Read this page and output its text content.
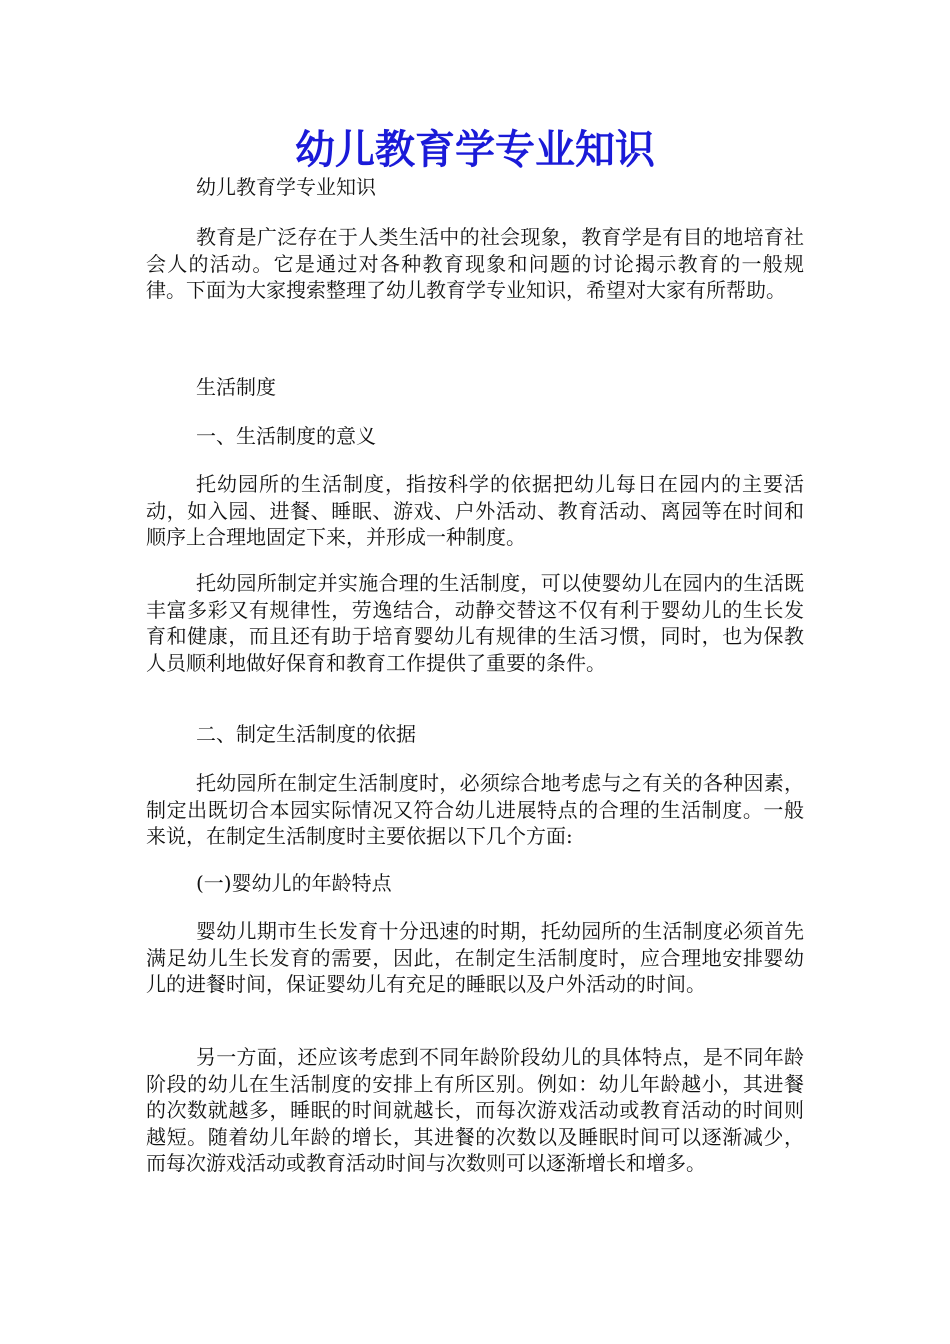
幼儿教育学专业知识

幼儿教育学专业知识

教育是广泛存在于人类生活中的社会现象，教育学是有目的地培育社会人的活动。它是通过对各种教育现象和问题的讨论揭示教育的一般规律。下面为大家搜索整理了幼儿教育学专业知识，希望对大家有所帮助。

生活制度

一、生活制度的意义

托幼园所的生活制度，指按科学的依据把幼儿每日在园内的主要活动，如入园、进餐、睡眠、游戏、户外活动、教育活动、离园等在时间和顺序上合理地固定下来，并形成一种制度。

托幼园所制定并实施合理的生活制度，可以使婴幼儿在园内的生活既丰富多彩又有规律性，劳逸结合，动静交替这不仅有利于婴幼儿的生长发育和健康，而且还有助于培育婴幼儿有规律的生活习惯，同时，也为保教人员顺利地做好保育和教育工作提供了重要的条件。

二、制定生活制度的依据

托幼园所在制定生活制度时，必须综合地考虑与之有关的各种因素，制定出既切合本园实际情况又符合幼儿进展特点的合理的生活制度。一般来说，在制定生活制度时主要依据以下几个方面:

(一)婴幼儿的年龄特点

婴幼儿期市生长发育十分迅速的时期，托幼园所的生活制度必须首先满足幼儿生长发育的需要，因此，在制定生活制度时，应合理地安排婴幼儿的进餐时间，保证婴幼儿有充足的睡眠以及户外活动的时间。

另一方面，还应该考虑到不同年龄阶段幼儿的具体特点，是不同年龄阶段的幼儿在生活制度的安排上有所区别。例如：幼儿年龄越小，其进餐的次数就越多，睡眠的时间就越长，而每次游戏活动或教育活动的时间则越短。随着幼儿年龄的增长，其进餐的次数以及睡眠时间可以逐渐减少，而每次游戏活动或教育活动时间与次数则可以逐渐增长和增多。
